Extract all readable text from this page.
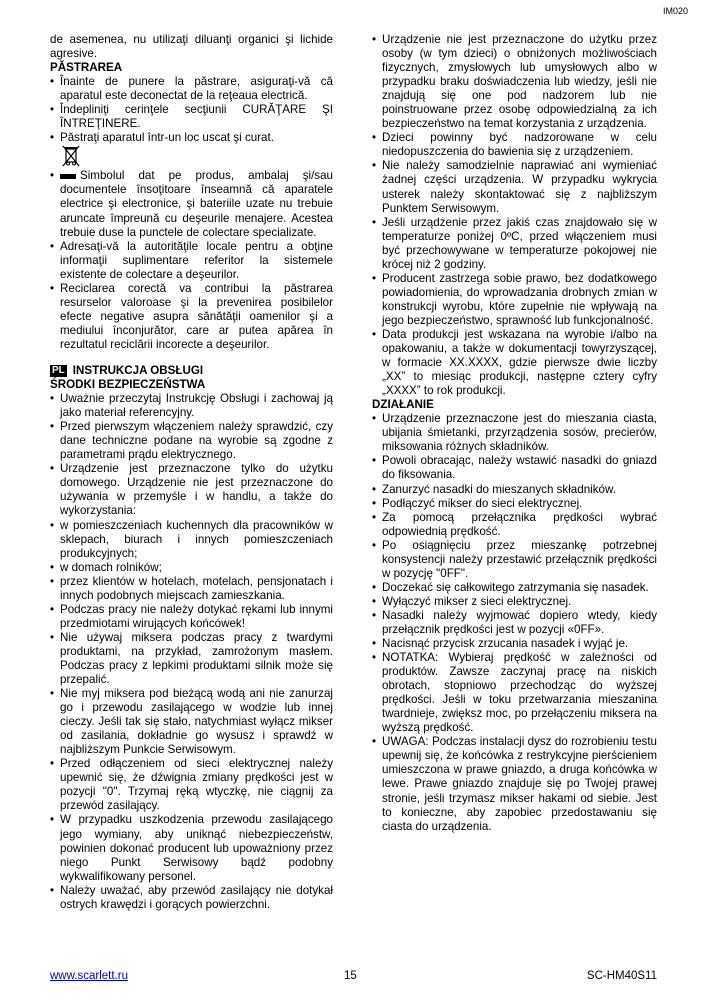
IM020

de asemenea, nu utilizaţi diluanţi organici şi lichide agresive.

PĂSTRAREA

• Înainte de punere la păstrare, asiguraţi-vă că aparatul este deconectat de la reţeaua electrică.
• Îndepliniţi cerinţele secţiunii CURĂŢARE ŞI ÎNTREŢINERE.
• Păstraţi aparatul într-un loc uscat şi curat.
• Simbolul dat pe produs, ambalaj şi/sau documentele însoţitoare înseamnă că aparatele electrice şi electronice, şi bateriile uzate nu trebuie aruncate împreună cu deşeurile menajere. Acestea trebuie duse la punctele de colectare specializate.
• Adresaţi-vă la autorităţile locale pentru a obţine informaţii suplimentare referitor la sistemele existente de colectare a deşeurilor.
• Reciclarea corectă va contribui la păstrarea resurselor valoroase şi la prevenirea posibilelor efecte negative asupra sănătăţii oamenilor şi a mediului înconjurător, care ar putea apărea în rezultatul reciclării incorecte a deşeurilor.
PL INSTRUKCJA OBSŁUGI

ŚRODKI BEZPIECZEŃSTWA

• Uważnie przeczytaj Instrukcję Obsługi i zachowaj ją jako materiał referencyjny.
• Przed pierwszym włączeniem należy sprawdzić, czy dane techniczne podane na wyrobie są zgodne z parametrami prądu elektrycznego.
• Urządzenie jest przeznaczone tylko do użytku domowego. Urządzenie nie jest przeznaczone do używania w przemyśle i w handlu, a także do wykorzystania:
• w pomieszczeniach kuchennych dla pracowników w sklepach, biurach i innych pomieszczeniach produkcyjnych;
• w domach rolników;
• przez klientów w hotelach, motelach, pensjonatach i innych podobnych miejscach zamieszkania.
• Podczas pracy nie należy dotykać rękami lub innymi przedmiotami wirujących końcówek!
• Nie używaj miksera podczas pracy z twardymi produktami, na przykład, zamrożonym masłem. Podczas pracy z lepkimi produktami silnik może się przepalić.
• Nie myj miksera pod bieżącą wodą ani nie zanurzaj go i przewodu zasilającego w wodzie lub innej cieczy. Jeśli tak się stało, natychmiast wyłącz mikser od zasilania, dokładnie go wysusz i sprawdź w najbliższym Punkcie Serwisowym.
• Przed odłączeniem od sieci elektrycznej należy upewnić się, że dźwignia zmiany prędkości jest w pozycji "0". Trzymaj ręką wtyczkę, nie ciągnij za przewód zasilający.
• W przypadku uszkodzenia przewodu zasilającego jego wymiany, aby uniknąć niebezpieczeństw, powinien dokonać producent lub upoważniony przez niego Punkt Serwisowy bądź podobny wykwalifikowany personel.
• Należy uważać, aby przewód zasilający nie dotykał ostrych krawędzi i gorących powierzchni.
• Urządzenie nie jest przeznaczone do użytku przez osoby (w tym dzieci) o obniżonych możliwościach fizycznych, zmysłowych lub umysłowych albo w przypadku braku doświadczenia lub wiedzy, jeśli nie znajdują się one pod nadzorem lub nie poinstruowane przez osobę odpowiedzialną za ich bezpieczeństwo na temat korzystania z urządzenia.
• Dzieci powinny być nadzorowane w celu niedopuszczenia do bawienia się z urządzeniem.
• Nie należy samodzielnie naprawiać ani wymieniać żadnej części urządzenia. W przypadku wykrycia usterek należy skontaktować się z najbliższym Punktem Serwisowym.
• Jeśli urządzenie przez jakiś czas znajdowało się w temperaturze poniżej 0ºC, przed włączeniem musi być przechowywane w temperaturze pokojowej nie krócej niż 2 godziny.
• Producent zastrzega sobie prawo, bez dodatkowego powiadomienia, do wprowadzania drobnych zmian w konstrukcji wyrobu, które zupełnie nie wpływają na jego bezpieczeństwo, sprawność lub funkcjonalność.
• Data produkcji jest wskazana na wyrobie i/albo na opakowaniu, a także w dokumentacji towyrzyszącej, w formacie XX.XXXX, gdzie pierwsze dwie liczby „XX” to miesiąc produkcji, następne cztery cyfry „XXXX” to rok produkcji.

DZIAŁANIE

• Urządzenie przeznaczone jest do mieszania ciasta, ubijania śmietanki, przyrządzenia sosów, precierów, miksowania różnych składników.
• Powoli obracając, należy wstawić nasadki do gniazd do fiksowania.
• Zanurzyć nasadki do mieszanych składników.
• Podłączyć mikser do sieci elektrycznej.
• Za pomocą przełącznika prędkości wybrać odpowiednią prędkość.
• Po osiągnięciu przez mieszankę potrzebnej konsystencji należy przestawić przełącznik prędkości w pozycję "0FF".
• Doczekać się całkowitego zatrzymania się nasadek.
• Wyłączyć mikser z sieci elektrycznej.
• Nasadki należy wyjmować dopiero wtedy, kiedy przełącznik prędkości jest w pozycji «0FF».
• Nacisnąć przycisk zrzucania nasadek i wyjąć je.
• NOTATKA: Wybieraj prędkość w zależności od produktów. Zawsze zaczynaj pracę na niskich obrotach, stopniowo przechodząc do wyższej prędkości. Jeśli w toku przetwarzania mieszanina twardnieje, zwiększ moc, po przełączeniu miksera na wyższą prędkość.
• UWAGA: Podczas instalacji dysz do rozrobieniu testu upewnij się, że końcówka z restrykcyjne pierścieniem umieszczona w prawe gniazdo, a druga końcówka w lewe. Prawe gniazdo znajduje się po Twojej prawej stronie, jeśli trzymasz mikser hakami od siebie. Jest to konieczne, aby zapobiec przedostawaniu się ciasta do urządzenia.
www.scarlett.ru	15	SC-HM40S11
